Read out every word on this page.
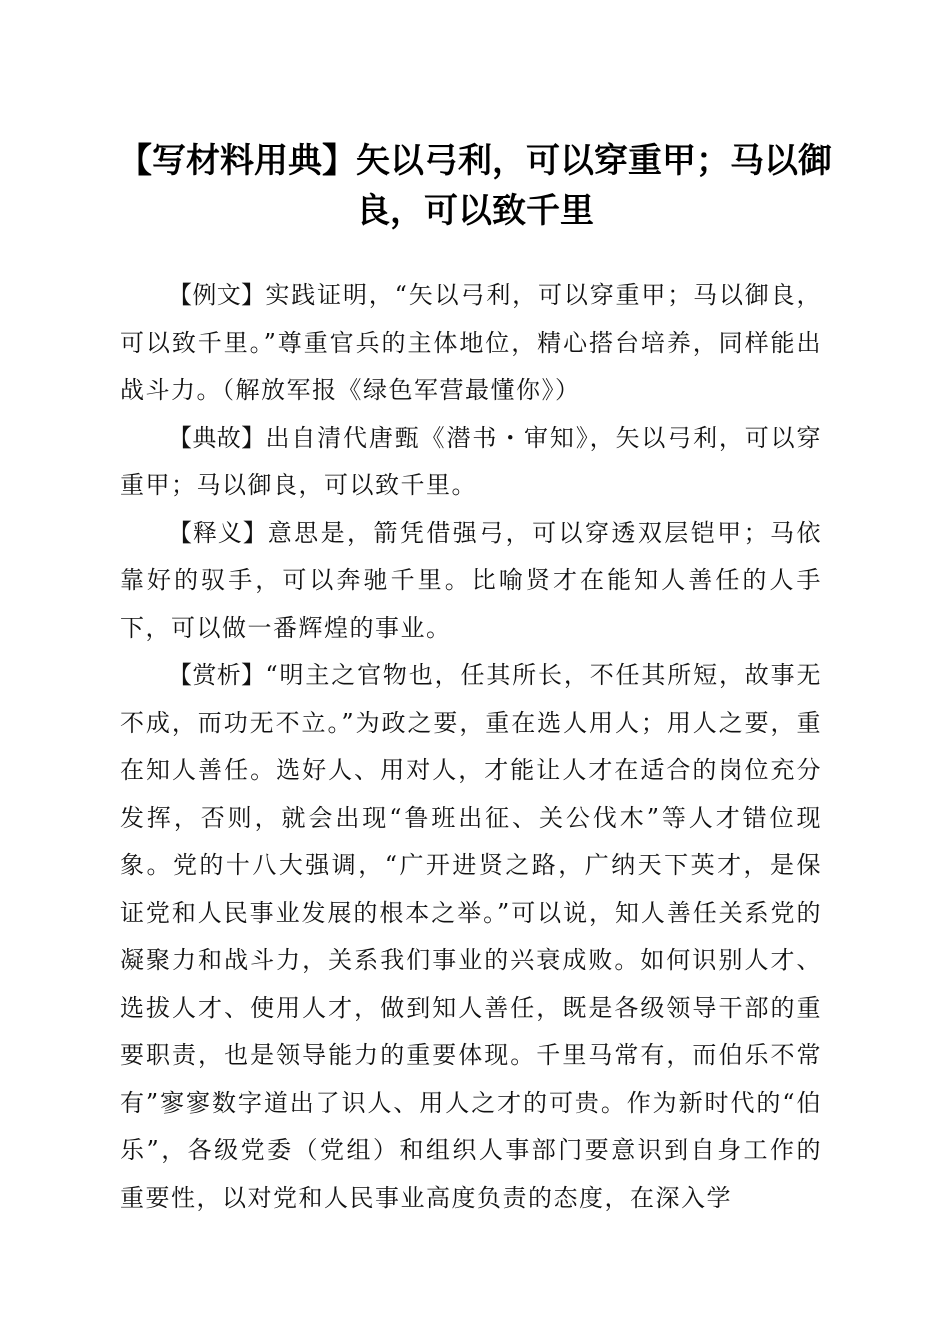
【写材料用典】矢以弓利，可以穿重甲；马以御良，可以致千里

【例文】实践证明，“矢以弓利，可以穿重甲；马以御良，可以致千里。”尊重官兵的主体地位，精心搭台培养，同样能出战斗力。（解放军报《绿色军营最懂你》）

【典故】出自清代唐甄《潜书・审知》，矢以弓利，可以穿重甲；马以御良，可以致千里。

【释义】意思是，箭凭借强弓，可以穿透双层铠甲；马依靠好的驭手，可以奔驰千里。比喻贤才在能知人善任的人手下，可以做一番辉煌的事业。

【赏析】“明主之官物也，任其所长，不任其所短，故事无不成，而功无不立。”为政之要，重在选人用人；用人之要，重在知人善任。选好人、用对人，才能让人才在适合的岗位充分发挥，否则，就会出现“鲁班出征、关公伐木”等人才错位现象。党的十八大强调，“广开进贤之路，广纳天下英才，是保证党和人民事业发展的根本之举。”可以说，知人善任关系党的凝聚力和战斗力，关系我们事业的兴衰成败。如何识别人才、选拔人才、使用人才，做到知人善任，既是各级领导干部的重要职责，也是领导能力的重要体现。千里马常有，而伯乐不常有”寥寥数字道出了识人、用人之才的可贵。作为新时代的“伯乐”，各级党委（党组）和组织人事部门要意识到自身工作的重要性，以对党和人民事业高度负责的态度，在深入学
